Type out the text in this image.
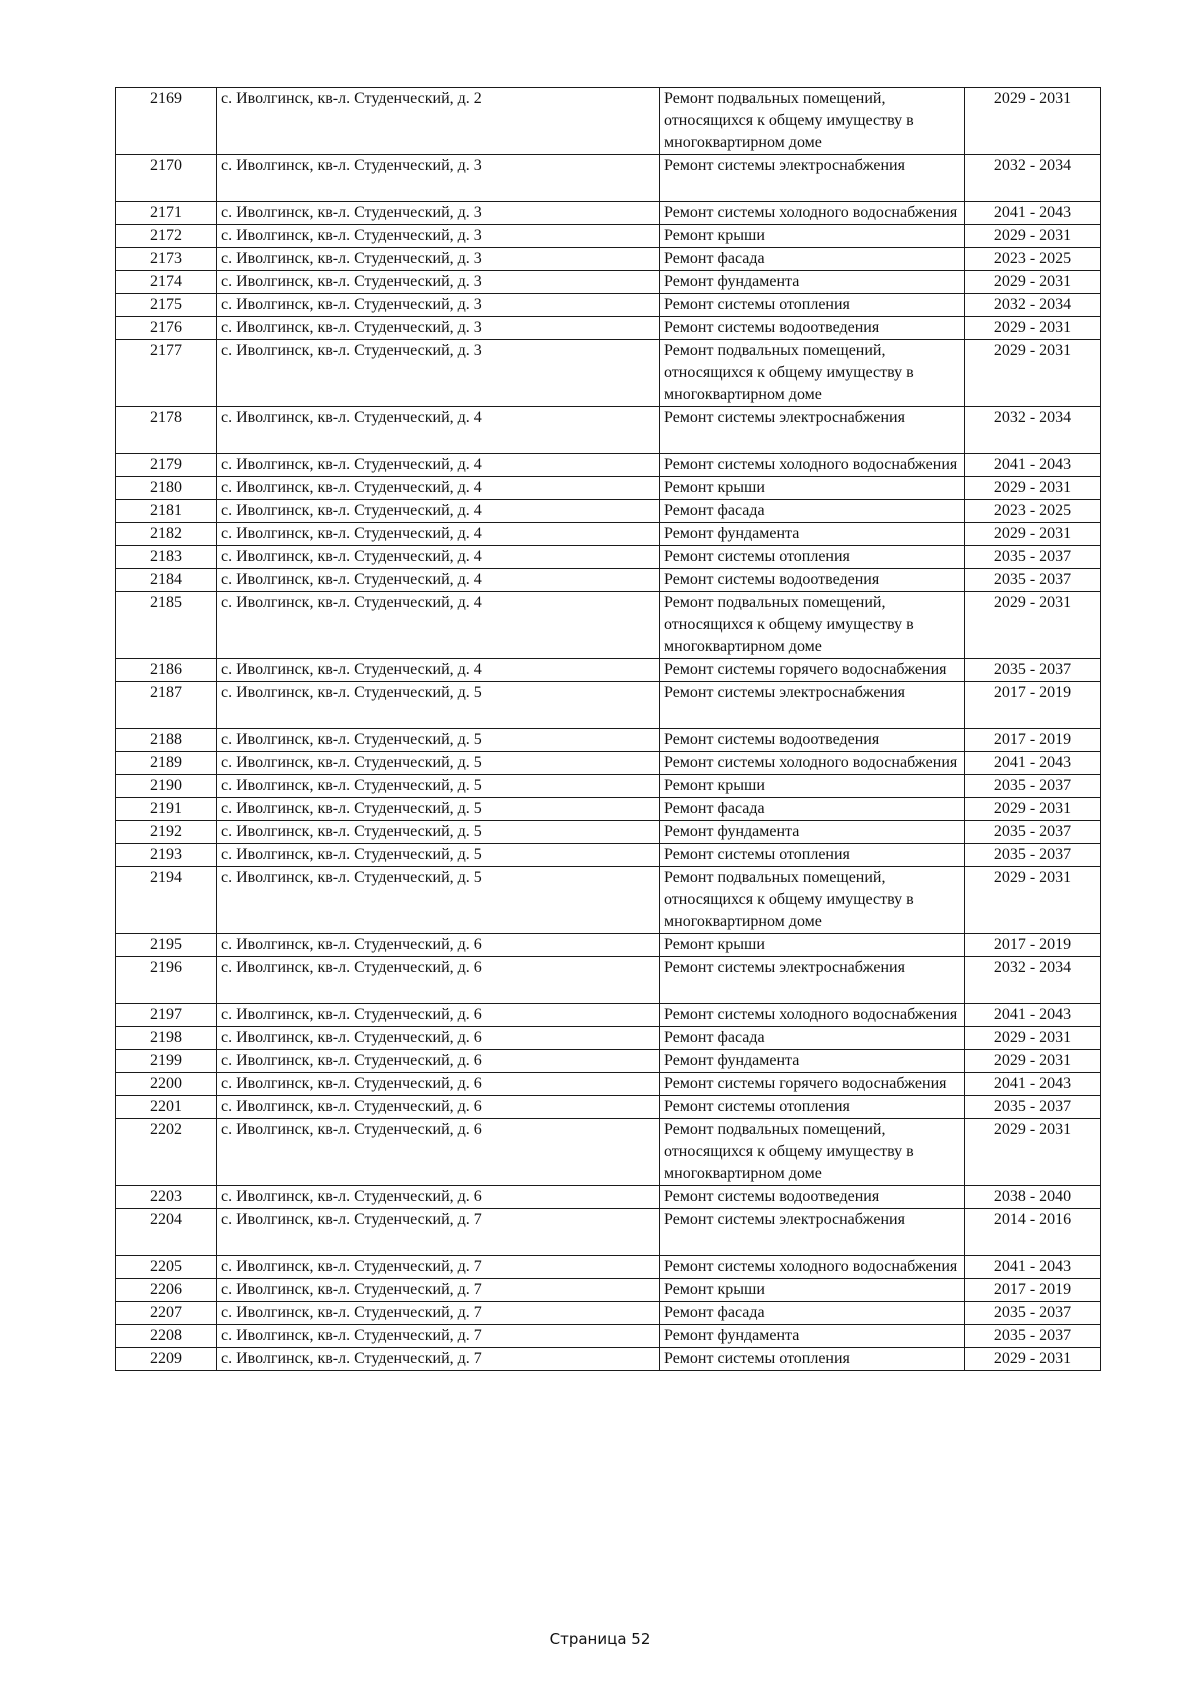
2169	с. Иволгинск, кв-л. Студенческий, д. 2	Ремонт подвальных помещений, относящихся к общему имуществу в многоквартирном доме	2029 - 2031
2170	с. Иволгинск, кв-л. Студенческий, д. 3	Ремонт системы электроснабжения	2032 - 2034
2171	с. Иволгинск, кв-л. Студенческий, д. 3	Ремонт системы холодного водоснабжения	2041 - 2043
2172	с. Иволгинск, кв-л. Студенческий, д. 3	Ремонт крыши	2029 - 2031
2173	с. Иволгинск, кв-л. Студенческий, д. 3	Ремонт фасада	2023 - 2025
2174	с. Иволгинск, кв-л. Студенческий, д. 3	Ремонт фундамента	2029 - 2031
2175	с. Иволгинск, кв-л. Студенческий, д. 3	Ремонт системы отопления	2032 - 2034
2176	с. Иволгинск, кв-л. Студенческий, д. 3	Ремонт системы водоотведения	2029 - 2031
2177	с. Иволгинск, кв-л. Студенческий, д. 3	Ремонт подвальных помещений, относящихся к общему имуществу в многоквартирном доме	2029 - 2031
2178	с. Иволгинск, кв-л. Студенческий, д. 4	Ремонт системы электроснабжения	2032 - 2034
2179	с. Иволгинск, кв-л. Студенческий, д. 4	Ремонт системы холодного водоснабжения	2041 - 2043
2180	с. Иволгинск, кв-л. Студенческий, д. 4	Ремонт крыши	2029 - 2031
2181	с. Иволгинск, кв-л. Студенческий, д. 4	Ремонт фасада	2023 - 2025
2182	с. Иволгинск, кв-л. Студенческий, д. 4	Ремонт фундамента	2029 - 2031
2183	с. Иволгинск, кв-л. Студенческий, д. 4	Ремонт системы отопления	2035 - 2037
2184	с. Иволгинск, кв-л. Студенческий, д. 4	Ремонт системы водоотведения	2035 - 2037
2185	с. Иволгинск, кв-л. Студенческий, д. 4	Ремонт подвальных помещений, относящихся к общему имуществу в многоквартирном доме	2029 - 2031
2186	с. Иволгинск, кв-л. Студенческий, д. 4	Ремонт системы горячего водоснабжения	2035 - 2037
2187	с. Иволгинск, кв-л. Студенческий, д. 5	Ремонт системы электроснабжения	2017 - 2019
2188	с. Иволгинск, кв-л. Студенческий, д. 5	Ремонт системы водоотведения	2017 - 2019
2189	с. Иволгинск, кв-л. Студенческий, д. 5	Ремонт системы холодного водоснабжения	2041 - 2043
2190	с. Иволгинск, кв-л. Студенческий, д. 5	Ремонт крыши	2035 - 2037
2191	с. Иволгинск, кв-л. Студенческий, д. 5	Ремонт фасада	2029 - 2031
2192	с. Иволгинск, кв-л. Студенческий, д. 5	Ремонт фундамента	2035 - 2037
2193	с. Иволгинск, кв-л. Студенческий, д. 5	Ремонт системы отопления	2035 - 2037
2194	с. Иволгинск, кв-л. Студенческий, д. 5	Ремонт подвальных помещений, относящихся к общему имуществу в многоквартирном доме	2029 - 2031
2195	с. Иволгинск, кв-л. Студенческий, д. 6	Ремонт крыши	2017 - 2019
2196	с. Иволгинск, кв-л. Студенческий, д. 6	Ремонт системы электроснабжения	2032 - 2034
2197	с. Иволгинск, кв-л. Студенческий, д. 6	Ремонт системы холодного водоснабжения	2041 - 2043
2198	с. Иволгинск, кв-л. Студенческий, д. 6	Ремонт фасада	2029 - 2031
2199	с. Иволгинск, кв-л. Студенческий, д. 6	Ремонт фундамента	2029 - 2031
2200	с. Иволгинск, кв-л. Студенческий, д. 6	Ремонт системы горячего водоснабжения	2041 - 2043
2201	с. Иволгинск, кв-л. Студенческий, д. 6	Ремонт системы отопления	2035 - 2037
2202	с. Иволгинск, кв-л. Студенческий, д. 6	Ремонт подвальных помещений, относящихся к общему имуществу в многоквартирном доме	2029 - 2031
2203	с. Иволгинск, кв-л. Студенческий, д. 6	Ремонт системы водоотведения	2038 - 2040
2204	с. Иволгинск, кв-л. Студенческий, д. 7	Ремонт системы электроснабжения	2014 - 2016
2205	с. Иволгинск, кв-л. Студенческий, д. 7	Ремонт системы холодного водоснабжения	2041 - 2043
2206	с. Иволгинск, кв-л. Студенческий, д. 7	Ремонт крыши	2017 - 2019
2207	с. Иволгинск, кв-л. Студенческий, д. 7	Ремонт фасада	2035 - 2037
2208	с. Иволгинск, кв-л. Студенческий, д. 7	Ремонт фундамента	2035 - 2037
2209	с. Иволгинск, кв-л. Студенческий, д. 7	Ремонт системы отопления	2029 - 2031
Страница 52
